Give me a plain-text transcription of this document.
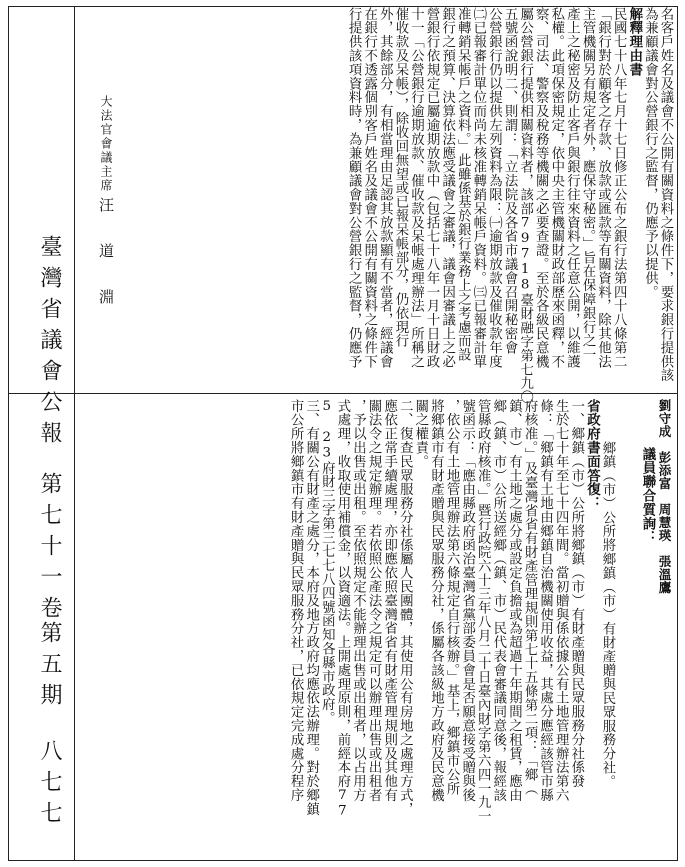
名客戶姓名及議會不公開有關資料之條件下，要求銀行提供該
為兼顧議會對公營銀行之監督，仍應予以提供。
解釋理由書
民國七十八年七月十七日修正公布之銀行法第四十八條第二
「銀行對於顧客之存款、放款或匯款等有關資料，除其他法
主管機關另有規定者外，應保守秘密。」旨在保障銀行之一
產上之秘密及防止客戶與銀行往來資料之任意公開，以維護
私權。此項保密規定，依中央主管機關財政部歷來函釋，不
察、司法、警察及稅務等機關之必要查證。至於各級民意機
屬公營銀行提供相關資料者，該部79718臺財融字第七九〇
五號函說明二、則謂：「立法院及各省市議會召開秘密會
公營銀行仍以提供左列資料為限：㈠逾期放款及催收款年度
㈡已報審計單位而尚未核准轉銷呆帳戶資料。㈢已報審計單
准轉銷呆帳戶之資料。」此雖係基於銀行業務上之考慮而設
銀行之預算、決算依法應受議會之審議，議會因審議上之必
營銀行依規定已屬逾期放款中（包括七十八年一月十日財政
十一「公營銀行逾期放款、催收款及呆帳處理辦法」所稱之
催收款及呆帳），除收回無望或已報呆帳部分，仍依現行
外，其餘部分，有相當理由足認其放款顯有不當者，經議會
在銀行不透露個別客戶姓名及議會不公開有關資料之條件下
行提供該項資料時，為兼顧議會對公營銀行之監督，仍應予
大法官會議主席
汪　道　淵
臺灣省議會公報
第七十一卷
第五期
八七七
劉守成　彭添富　周慧瑛　張溫鷹
議員聯合質詢：
鄉鎮（市）公所將鄉鎮（市）有財產贈與民眾服務分社。
省政府書面答復：
一、鄉鎮（市）公所將鄉鎮（市）有財產贈與民眾服務分社係發
生於七十年至七十四年間。當初贈與係依據公有土地管理辦法第六
條：「鄉鎮有土地由鄉鎮自治機關使用收益，其處分應經該管市縣
府核准。」及臺灣省省有財產管理規則第七十五條第二項：「鄉（
鎮、市）有土地之處分或設定負擔或為超過十年期間之租賃，應由
鄉（鎮、市）公所送經鄉（鎮、市）民代表會審議同意後，報經該
管縣政府核准。」暨行政院六十三年八月二十日臺內財字第六四一九一
號函示：「應由縣政府函治臺灣省黨部委員會是否願意接受贈與後
，依公有土地管理辦法第六條規定自行核辦。」基上，鄉鎮市公所
將鄉鎮市有財產贈與民眾服務分社，係屬各該級地方政府及民意機
關之權責。
二、復查民眾服務分社係屬人民團體，其使用公有房地之處理方式，
應依正常手續處理，亦即應依照臺灣省省有財產管理規則及其他有
關法令之規定辦理。若依照公產法令之規定可以辦理出售或出租者
，予以出售或出租。至依照規定不能辦理出售或出租者，以占用方
式處理，收取使用補償金，以資適法。上開處理原則，前經本府77
5 23府財三字第三七七八四號函知各縣市政府。
三、有關公有財產之處分，本府及地方政府均應依法辦理。對於鄉鎮
市公所將鄉鎮市有財產贈與民眾服務分社，已依規定完成處分程序
